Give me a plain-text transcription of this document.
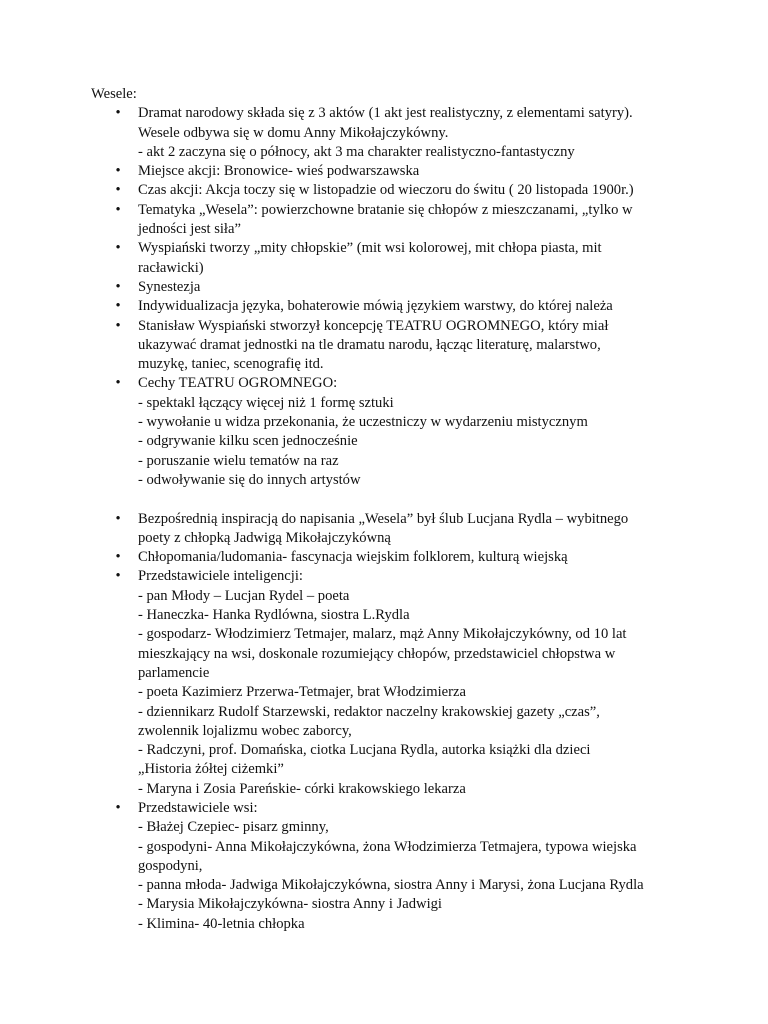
Wesele:
• Dramat narodowy składa się z 3 aktów (1 akt jest realistyczny, z elementami satyry).
Wesele odbywa się w domu Anny Mikołajczykówny.
- akt 2 zaczyna się o północy, akt 3 ma charakter realistyczno-fantastyczny
• Miejsce akcji: Bronowice- wieś podwarszawska
• Czas akcji: Akcja toczy się w listopadzie od wieczoru do świtu ( 20 listopada 1900r.)
• Tematyka „Wesela”: powierzchowne bratanie się chłopów z mieszczanami, „tylko w
jedności jest siła”
• Wyspiański tworzy „mity chłopskie” (mit wsi kolorowej, mit chłopa piasta, mit
racławicki)
• Synestezja
• Indywidualizacja języka, bohaterowie mówią językiem warstwy, do której należa
• Stanisław Wyspiański stworzył koncepcję TEATRU OGROMNEGO, który miał
ukazywać dramat jednostki na tle dramatu narodu, łącząc literaturę, malarstwo,
muzykę, taniec, scenografię itd.
• Cechy TEATRU OGROMNEGO:
- spektakl łączący więcej niż 1 formę sztuki
- wywołanie u widza przekonania, że uczestniczy w wydarzeniu mistycznym
- odgrywanie kilku scen jednocześnie
- poruszanie wielu tematów na raz
- odwoływanie się do innych artystów
• Bezpośrednią inspiracją do napisania „Wesela” był ślub Lucjana Rydla – wybitnego
poety z chłopką Jadwigą Mikołajczykówną
• Chłopomania/ludomania- fascynacja wiejskim folklorem, kulturą wiejską
• Przedstawiciele inteligencji:
- pan Młody – Lucjan Rydel – poeta
- Haneczka- Hanka Rydlówna, siostra L.Rydla
- gospodarz- Włodzimierz Tetmajer, malarz, mąż Anny Mikołajczykówny, od 10 lat
mieszkający na wsi, doskonale rozumiejący chłopów, przedstawiciel chłopstwa w
parlamencie
- poeta Kazimierz Przerwa-Tetmajer, brat Włodzimierza
- dziennikarz Rudolf Starzewski, redaktor naczelny krakowskiej gazety „czas”,
zwolennik lojalizmu wobec zaborcy,
- Radczyni, prof. Domańska, ciotka Lucjana Rydla, autorka książki dla dzieci
„Historia żółtej ciżemki”
- Maryna i Zosia Pareńskie- córki krakowskiego lekarza
• Przedstawiciele wsi:
- Błażej Czepiec- pisarz gminny,
- gospodyni- Anna Mikołajczykówna, żona Włodzimierza Tetmajera, typowa wiejska
gospodyni,
- panna młoda- Jadwiga Mikołajczykówna, siostra Anny i Marysi, żona Lucjana Rydla
- Marysia Mikołajczykówna- siostra Anny i Jadwigi
- Klimina- 40-letnia chłopka
